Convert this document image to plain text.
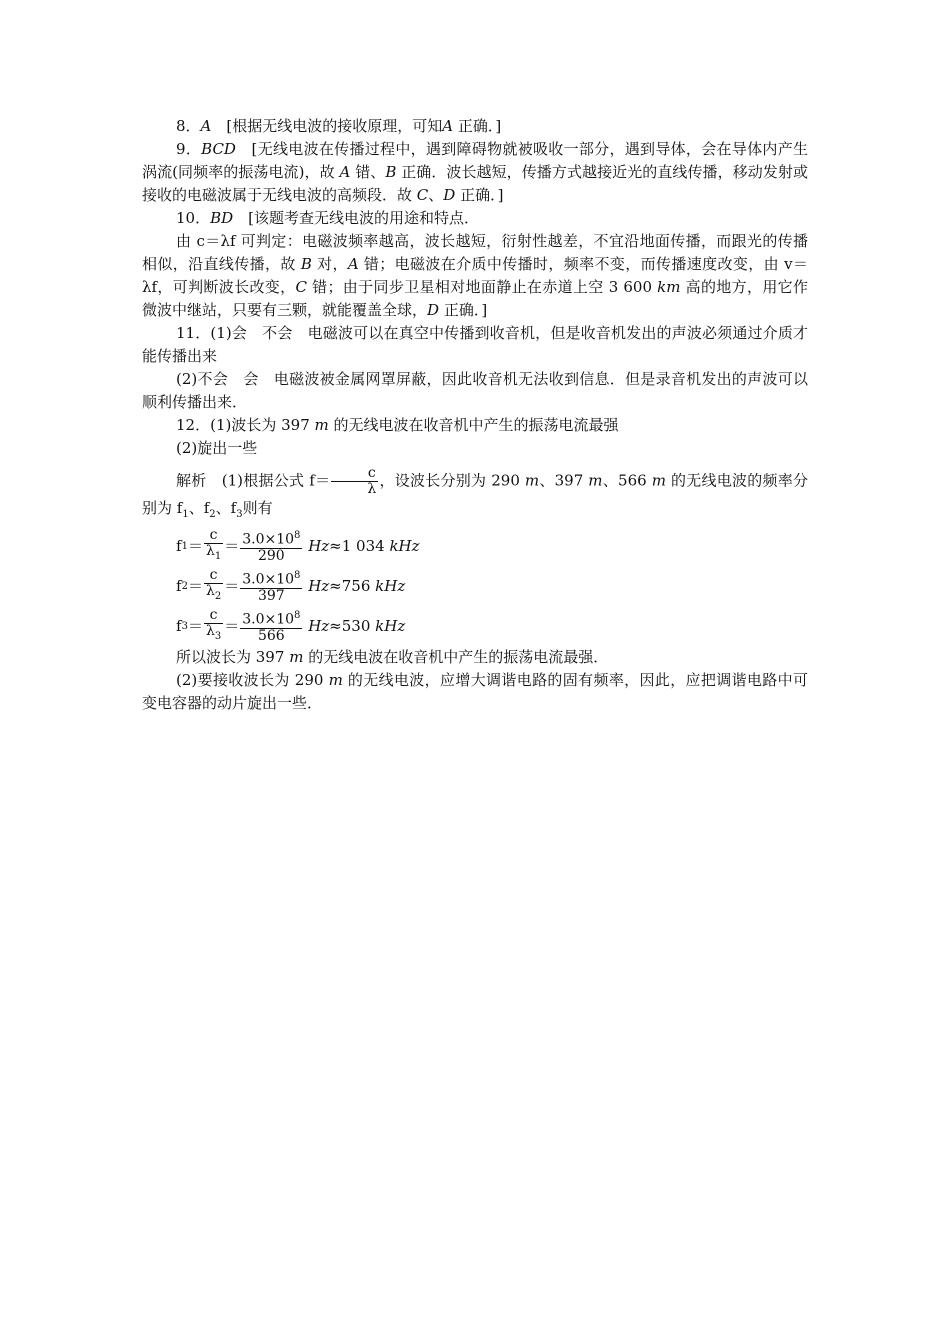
8．A　 [根据无线电波的接收原理，可知A 正确．]

9．BCD　 [无线电波在传播过程中，遇到障碍物就被吸收一部分，遇到导体，会在导体内产生涡流(同频率的振荡电流)，故 A 错、B 正确．波长越短，传播方式越接近光的直线传播，移动发射或接收的电磁波属于无线电波的高频段．故 C、D 正确．]

10．BD　 [该题考查无线电波的用途和特点．

由 c＝λf 可判定：电磁波频率越高，波长越短，衍射性越差，不宜沿地面传播，而跟光的传播相似，沿直线传播，故 B 对，A 错；电磁波在介质中传播时，频率不变，而传播速度改变，由 v＝λf，可判断波长改变，C 错；由于同步卫星相对地面静止在赤道上空 3 600 km 高的地方，用它作微波中继站，只要有三颗，就能覆盖全球，D 正确．]

11．(1)会　不会　电磁波可以在真空中传播到收音机，但是收音机发出的声波必须通过介质才能传播出来

(2)不会　会　电磁波被金属网罩屏蔽，因此收音机无法收到信息．但是录音机发出的声波可以顺利传播出来．

12．(1)波长为 397 m 的无线电波在收音机中产生的振荡电流最强

(2)旋出一些

解析　(1)根据公式 $f= \frac{c}{\lambda}$ ，设波长分别为 290 m、397 m、566 m 的无线电波的频率分别为 $f_1$、$f_2$、$f_3$则有

f $1 = \frac{c}{\lambda_1} = \frac{3.0\times 10^8}{290}$
Hz ≈1 034
kHz
f $2 = \frac{c}{\lambda_2} = \frac{3.0\times 10^8}{397}$
Hz ≈756
kHz
f $3 = \frac{c}{\lambda_3} = \frac{3.0\times 10^8}{566}$
Hz ≈530
kHz

所以波长为 397 m 的无线电波在收音机中产生的振荡电流最强．

(2)要接收波长为 290 m 的无线电波，应增大调谐电路的固有频率，因此，应把调谐电路中可变电容器的动片旋出一些．
